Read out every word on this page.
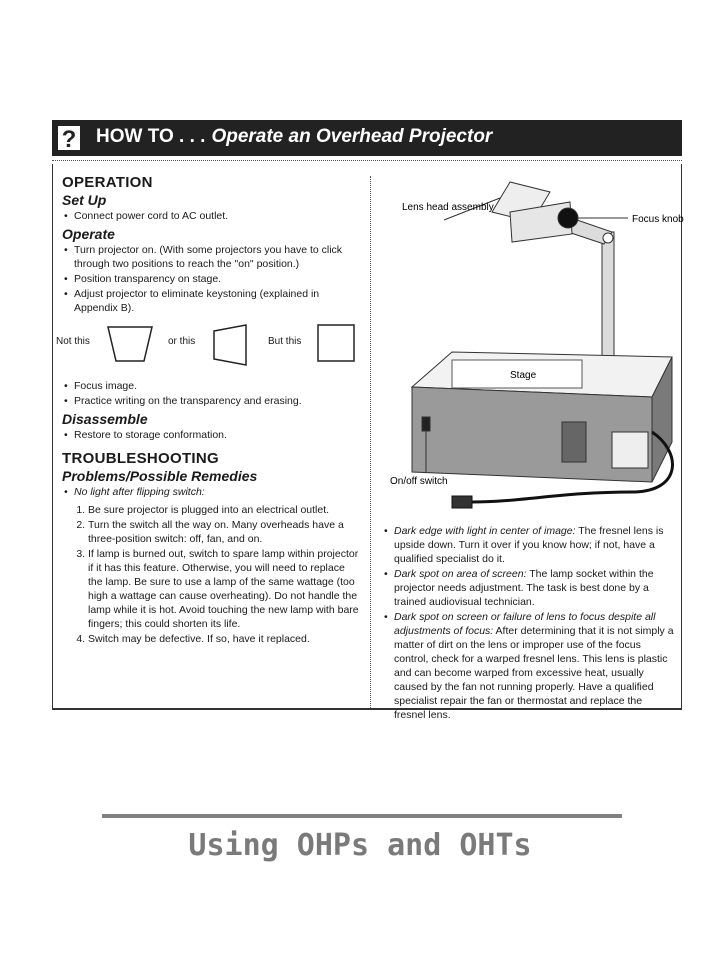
? HOW TO . . . Operate an Overhead Projector
OPERATION
Set Up
• Connect power cord to AC outlet.
Operate
• Turn projector on. (With some projectors you have to click through two positions to reach the "on" position.)
• Position transparency on stage.
• Adjust projector to eliminate keystoning (explained in Appendix B).
Not this	or this	But this
• Focus image.
• Practice writing on the transparency and erasing.
Disassemble
• Restore to storage conformation.
TROUBLESHOOTING
Problems/Possible Remedies
• No light after flipping switch:
1. Be sure projector is plugged into an electrical outlet.
2. Turn the switch all the way on. Many overheads have a three-position switch: off, fan, and on.
3. If lamp is burned out, switch to spare lamp within projector if it has this feature. Otherwise, you will need to replace the lamp. Be sure to use a lamp of the same wattage (too high a wattage can cause overheating). Do not handle the lamp while it is hot. Avoid touching the new lamp with bare fingers; this could shorten its life.
4. Switch may be defective. If so, have it replaced.
Lens head assembly
Focus knob
Stage
On/off switch
• Dark edge with light in center of image: The fresnel lens is upside down. Turn it over if you know how; if not, have a qualified specialist do it.
• Dark spot on area of screen: The lamp socket within the projector needs adjustment. The task is best done by a trained audiovisual technician.
• Dark spot on screen or failure of lens to focus despite all adjustments of focus: After determining that it is not simply a matter of dirt on the lens or improper use of the focus control, check for a warped fresnel lens. This lens is plastic and can become warped from excessive heat, usually caused by the fan not running properly. Have a qualified specialist repair the fan or thermostat and replace the fresnel lens.
Using OHPs and OHTs
